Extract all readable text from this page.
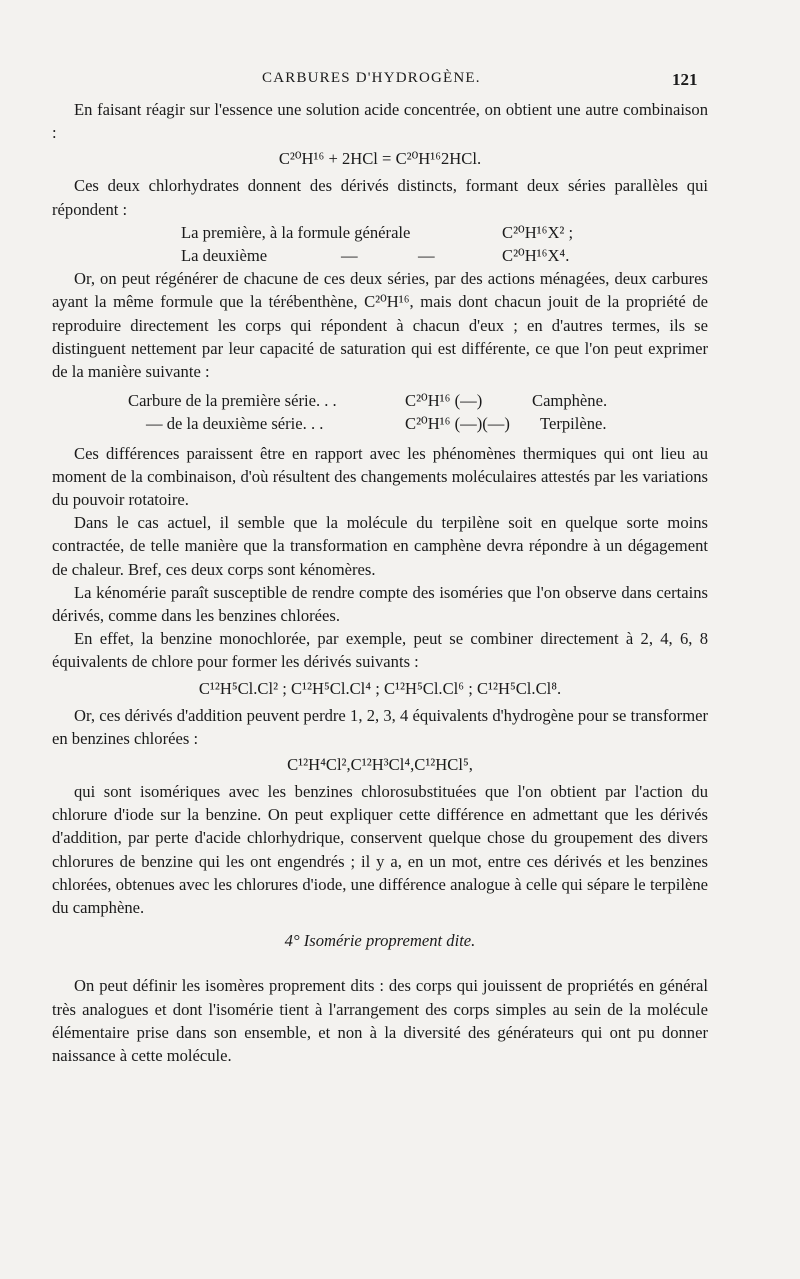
CARBURES D'HYDROGÈNE.	121

En faisant réagir sur l'essence une solution acide concentrée, on obtient une autre combinaison :

C²⁰H¹⁶ + 2HCl = C²⁰H¹⁶2HCl.

Ces deux chlorhydrates donnent des dérivés distincts, formant deux séries parallèles qui répondent :

La première, à la formule générale	C²⁰H¹⁶X² ;
La deuxième	—	—	C²⁰H¹⁶X⁴.

Or, on peut régénérer de chacune de ces deux séries, par des actions ménagées, deux carbures ayant la même formule que la térébenthène, C²⁰H¹⁶, mais dont chacun jouit de la propriété de reproduire directement les corps qui répondent à chacun d'eux ; en d'autres termes, ils se distinguent nettement par leur capacité de saturation qui est différente, ce que l'on peut exprimer de la manière suivante :

Carbure de la première série. . .	C²⁰H¹⁶ (—)	Camphène.
— de la deuxième série. . .	C²⁰H¹⁶ (—)(—) Terpilène.

Ces différences paraissent être en rapport avec les phénomènes thermiques qui ont lieu au moment de la combinaison, d'où résultent des changements moléculaires attestés par les variations du pouvoir rotatoire.

Dans le cas actuel, il semble que la molécule du terpilène soit en quelque sorte moins contractée, de telle manière que la transformation en camphène devra répondre à un dégagement de chaleur. Bref, ces deux corps sont kénomères.

La kénomérie paraît susceptible de rendre compte des isoméries que l'on observe dans certains dérivés, comme dans les benzines chlorées.

En effet, la benzine monochlorée, par exemple, peut se combiner directement à 2, 4, 6, 8 équivalents de chlore pour former les dérivés suivants :

C¹²H⁵Cl.Cl² ; C¹²H⁵Cl.Cl⁴ ; C¹²H⁵Cl.Cl⁶ ; C¹²H⁵Cl.Cl⁸.

Or, ces dérivés d'addition peuvent perdre 1, 2, 3, 4 équivalents d'hydrogène pour se transformer en benzines chlorées :

C¹²H⁴Cl²,C¹²H³Cl⁴,C¹²HCl⁵,

qui sont isomériques avec les benzines chlorosubstituées que l'on obtient par l'action du chlorure d'iode sur la benzine. On peut expliquer cette différence en admettant que les dérivés d'addition, par perte d'acide chlorhydrique, conservent quelque chose du groupement des divers chlorures de benzine qui les ont engendrés ; il y a, en un mot, entre ces dérivés et les benzines chlorées, obtenues avec les chlorures d'iode, une différence analogue à celle qui sépare le terpilène du camphène.

4° Isomérie proprement dite.

On peut définir les isomères proprement dits : des corps qui jouissent de propriétés en général très analogues et dont l'isomérie tient à l'arrangement des corps simples au sein de la molécule élémentaire prise dans son ensemble, et non à la diversité des générateurs qui ont pu donner naissance à cette molécule.
